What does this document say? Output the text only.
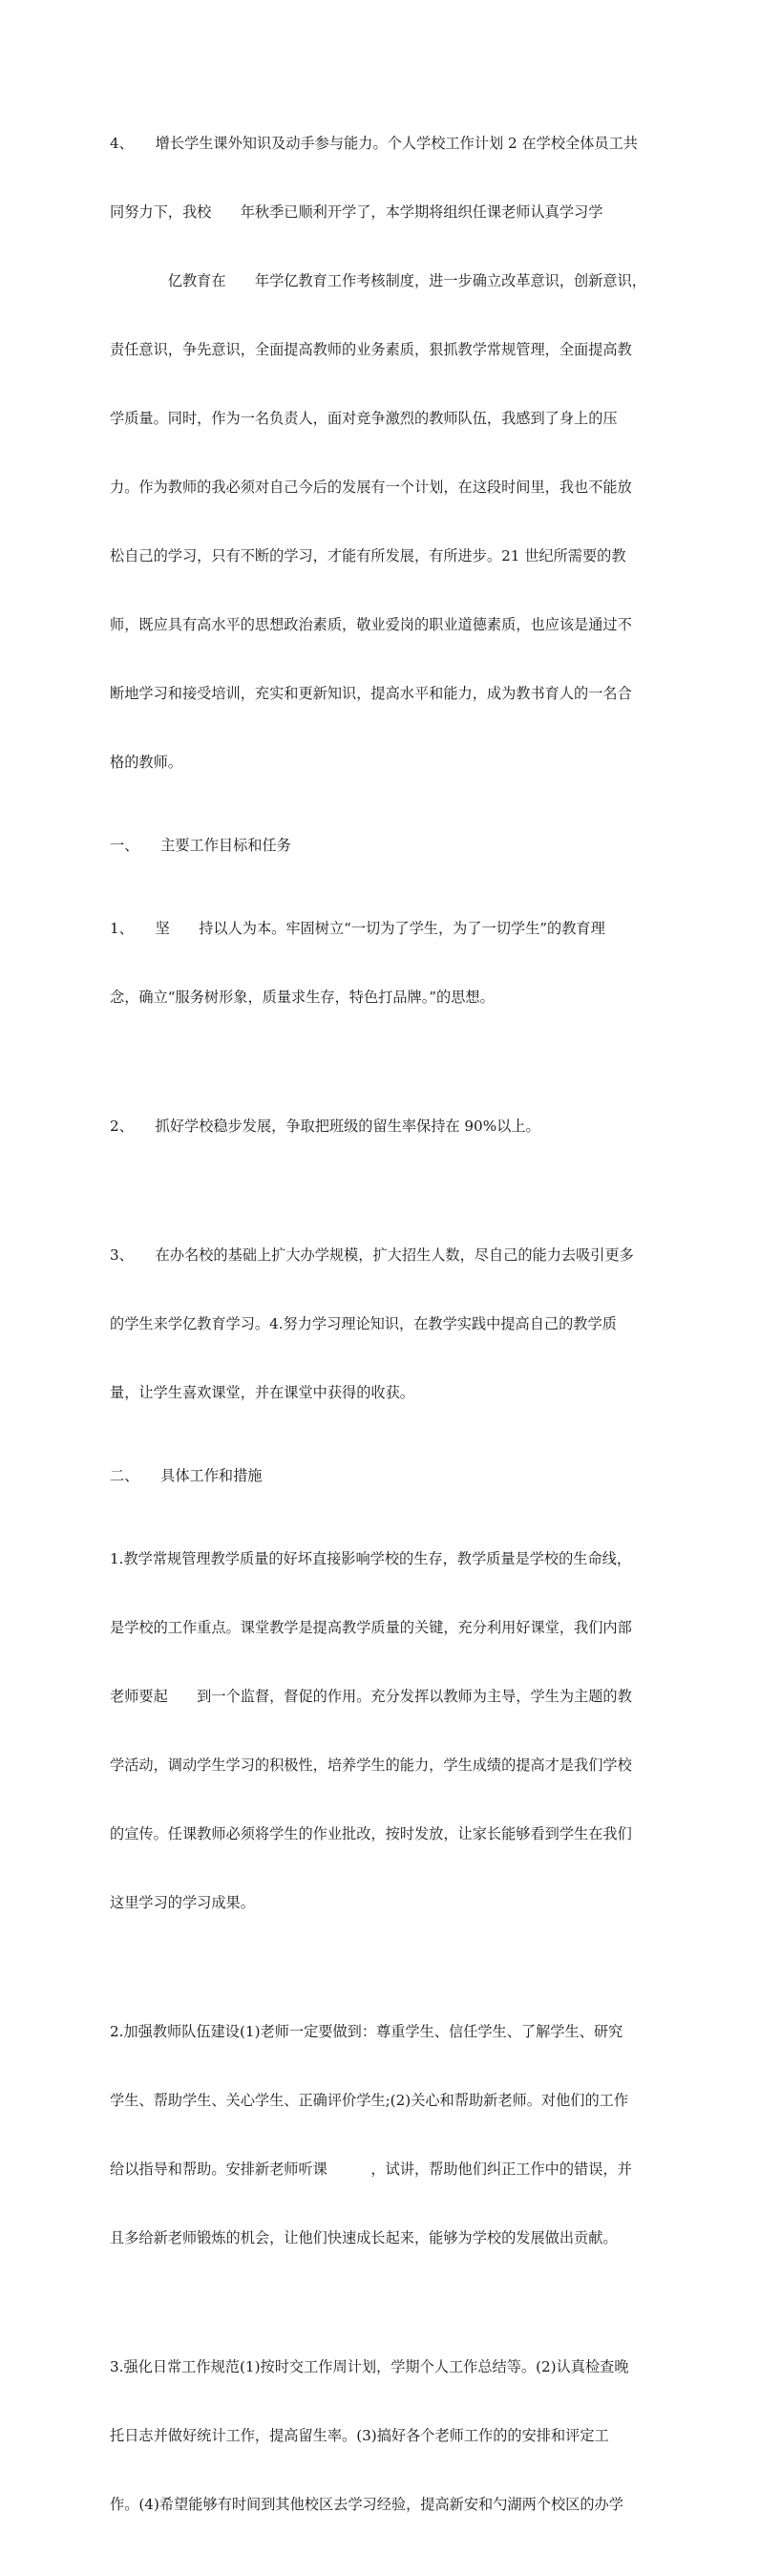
4、　　增长学生课外知识及动手参与能力。个人学校工作计划 2 在学校全体员工共

同努力下，我校　　年秋季已顺利开学了，本学期将组织任课老师认真学习学

　　　　亿教育在　　年学亿教育工作考核制度，进一步确立改革意识，创新意识，

责任意识，争先意识，全面提高教师的业务素质，狠抓教学常规管理，全面提高教

学质量。同时，作为一名负责人，面对竞争激烈的教师队伍，我感到了身上的压

力。作为教师的我必须对自己今后的发展有一个计划，在这段时间里，我也不能放

松自己的学习，只有不断的学习，才能有所发展，有所进步。21 世纪所需要的教

师，既应具有高水平的思想政治素质，敬业爱岗的职业道德素质，也应该是通过不

断地学习和接受培训，充实和更新知识，提高水平和能力，成为教书育人的一名合

格的教师。

一、　　主要工作目标和任务

1、　　坚　　持以人为本。牢固树立“一切为了学生，为了一切学生”的教育理

念，确立“服务树形象，质量求生存，特色打品牌。”的思想。

2、　　抓好学校稳步发展，争取把班级的留生率保持在 90%以上。

3、　　在办名校的基础上扩大办学规模，扩大招生人数，尽自己的能力去吸引更多

的学生来学亿教育学习。4.努力学习理论知识，在教学实践中提高自己的教学质

量，让学生喜欢课堂，并在课堂中获得的收获。

二、　　具体工作和措施

1.教学常规管理教学质量的好坏直接影响学校的生存，教学质量是学校的生命线，

是学校的工作重点。课堂教学是提高教学质量的关键，充分利用好课堂，我们内部

老师要起　　到一个监督，督促的作用。充分发挥以教师为主导，学生为主题的教

学活动，调动学生学习的积极性，培养学生的能力，学生成绩的提高才是我们学校

的宣传。任课教师必须将学生的作业批改，按时发放，让家长能够看到学生在我们

这里学习的学习成果。

2.加强教师队伍建设(1)老师一定要做到：尊重学生、信任学生、了解学生、研究

学生、帮助学生、关心学生、正确评价学生;(2)关心和帮助新老师。对他们的工作

给以指导和帮助。安排新老师听课　　　，试讲，帮助他们纠正工作中的错误，并

且多给新老师锻炼的机会，让他们快速成长起来，能够为学校的发展做出贡献。

3.强化日常工作规范(1)按时交工作周计划，学期个人工作总结等。(2)认真检查晚

托日志并做好统计工作，提高留生率。(3)搞好各个老师工作的的安排和评定工

作。(4)希望能够有时间到其他校区去学习经验，提高新安和勺湖两个校区的办学
